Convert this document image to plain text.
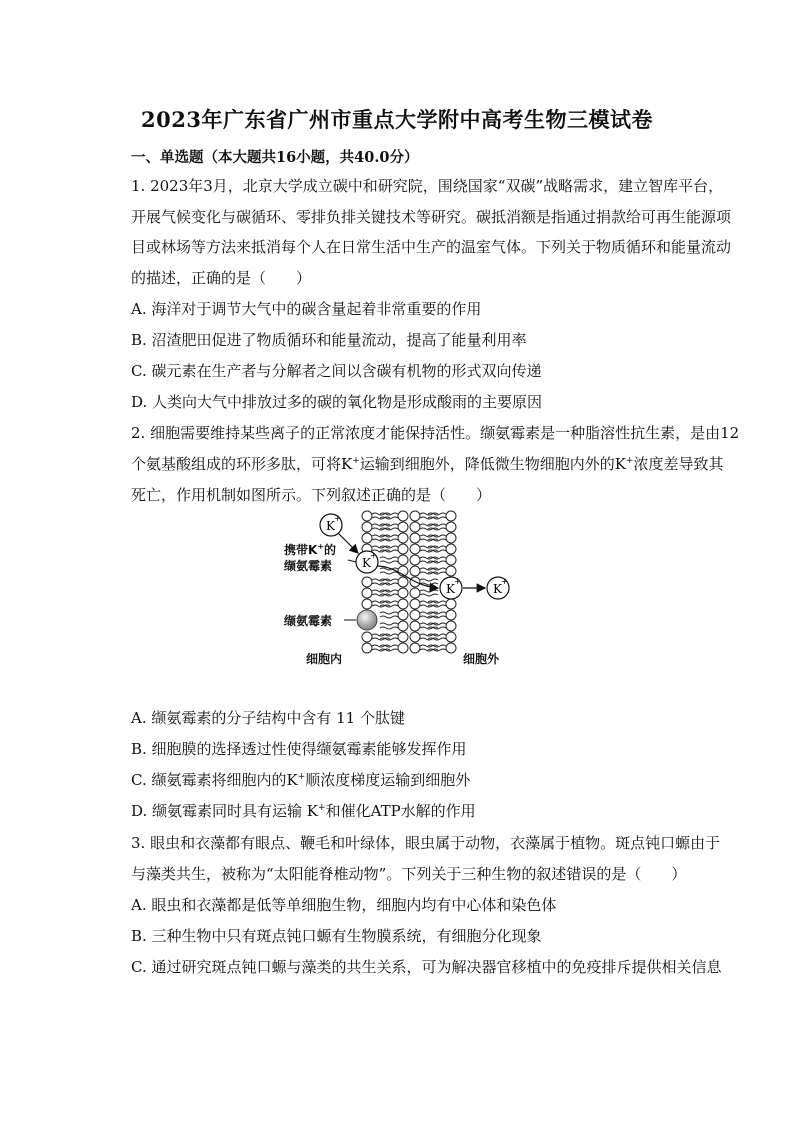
2023年广东省广州市重点大学附中高考生物三模试卷
一、单选题（本大题共16小题，共40.0分）
1. 2023年3月，北京大学成立碳中和研究院，围绕国家“双碳”战略需求，建立智库平台，
开展气候变化与碳循环、零排负排关键技术等研究。碳抵消额是指通过捐款给可再生能源项
目或林场等方法来抵消每个人在日常生活中生产的温室气体。下列关于物质循环和能量流动
的描述，正确的是（　　）
A. 海洋对于调节大气中的碳含量起着非常重要的作用
B. 沼渣肥田促进了物质循环和能量流动，提高了能量利用率
C. 碳元素在生产者与分解者之间以含碳有机物的形式双向传递
D. 人类向大气中排放过多的碳的氧化物是形成酸雨的主要原因
2. 细胞需要维持某些离子的正常浓度才能保持活性。缬氨霉素是一种脂溶性抗生素，是由12
个氨基酸组成的环形多肽，可将K+运输到细胞外，降低微生物细胞内外的K+浓度差导致其
死亡，作用机制如图所示。下列叙述正确的是（　　）
K
+
K
+
K
+
K
+
携带K+的
缬氨霉素
缬氨霉素
细胞内	细胞外
A. 缬氨霉素的分子结构中含有 11 个肽键
B. 细胞膜的选择透过性使得缬氨霉素能够发挥作用
C. 缬氨霉素将细胞内的K+顺浓度梯度运输到细胞外
D. 缬氨霉素同时具有运输 K+和催化ATP水解的作用
3. 眼虫和衣藻都有眼点、鞭毛和叶绿体，眼虫属于动物，衣藻属于植物。斑点钝口螈由于
与藻类共生，被称为“太阳能脊椎动物”。下列关于三种生物的叙述错误的是（　　）
A. 眼虫和衣藻都是低等单细胞生物，细胞内均有中心体和染色体
B. 三种生物中只有斑点钝口螈有生物膜系统，有细胞分化现象
C. 通过研究斑点钝口螈与藻类的共生关系，可为解决器官移植中的免疫排斥提供相关信息
